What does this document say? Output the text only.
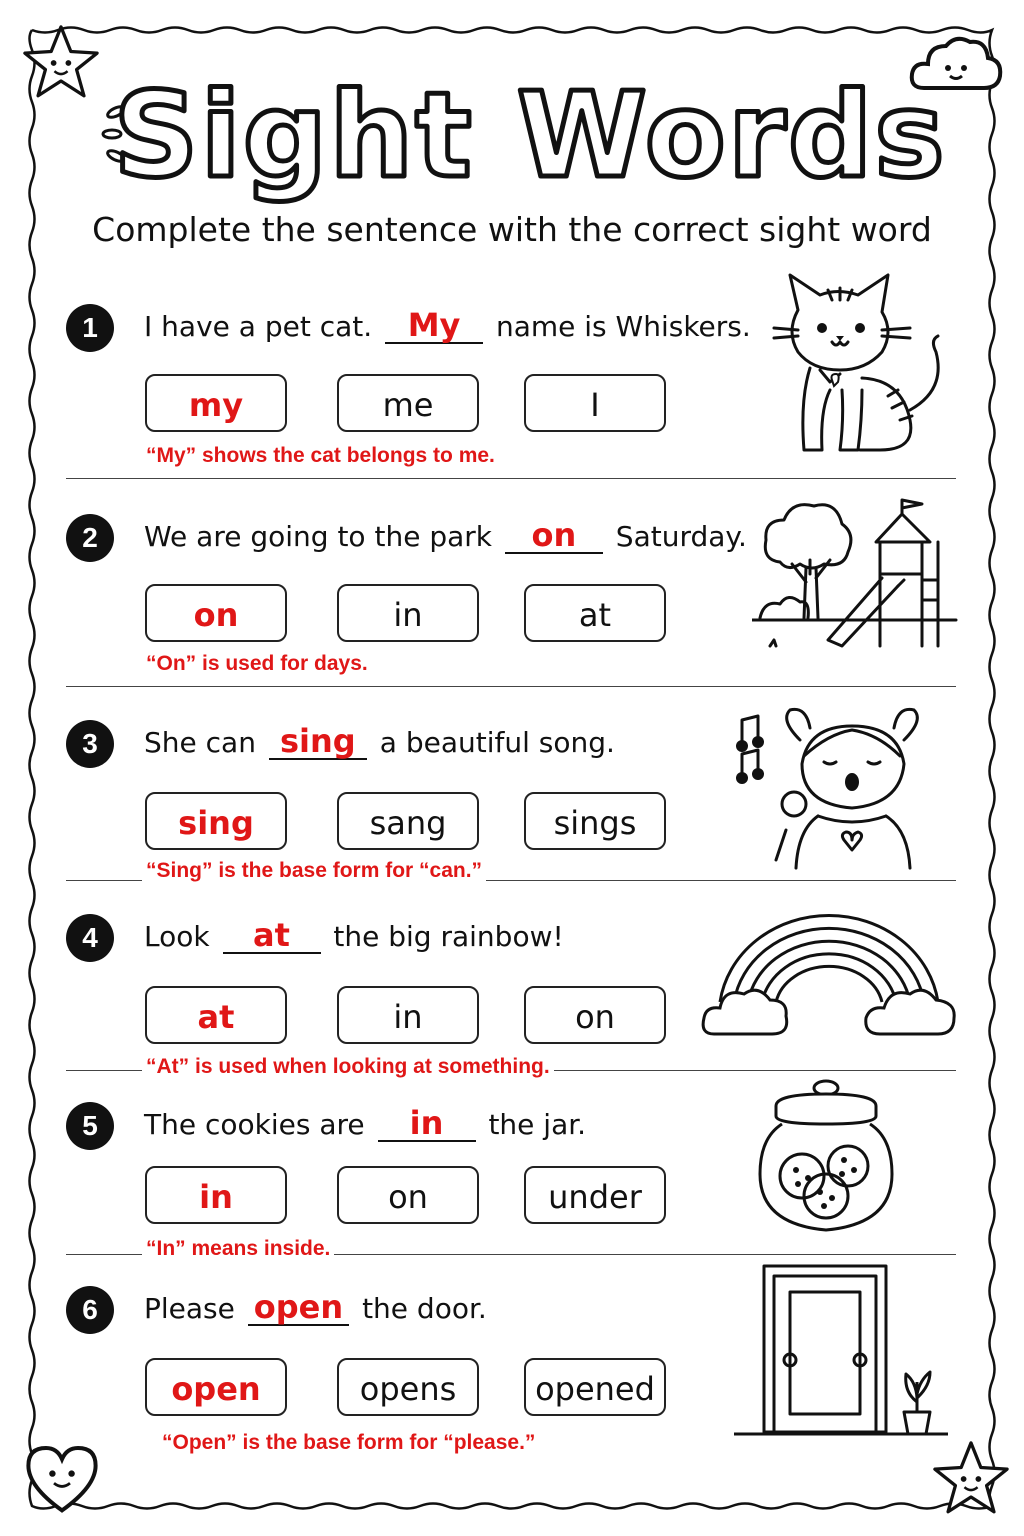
Sight Words
Complete the sentence with the correct sight word
1	I have a pet cat. My name is Whiskers.
my	me	I
“My” shows the cat belongs to me.
2	We are going to the park on Saturday.
on	in	at
“On” is used for days.
3	She can sing a beautiful song.
sing	sang	sings
“Sing” is the base form for “can.”
4	Look at the big rainbow!
at	in	on
“At” is used when looking at something.
5	The cookies are in the jar.
in	on	under
“In” means inside.
6	Please open the door.
open	opens	opened
“Open” is the base form for “please.”
